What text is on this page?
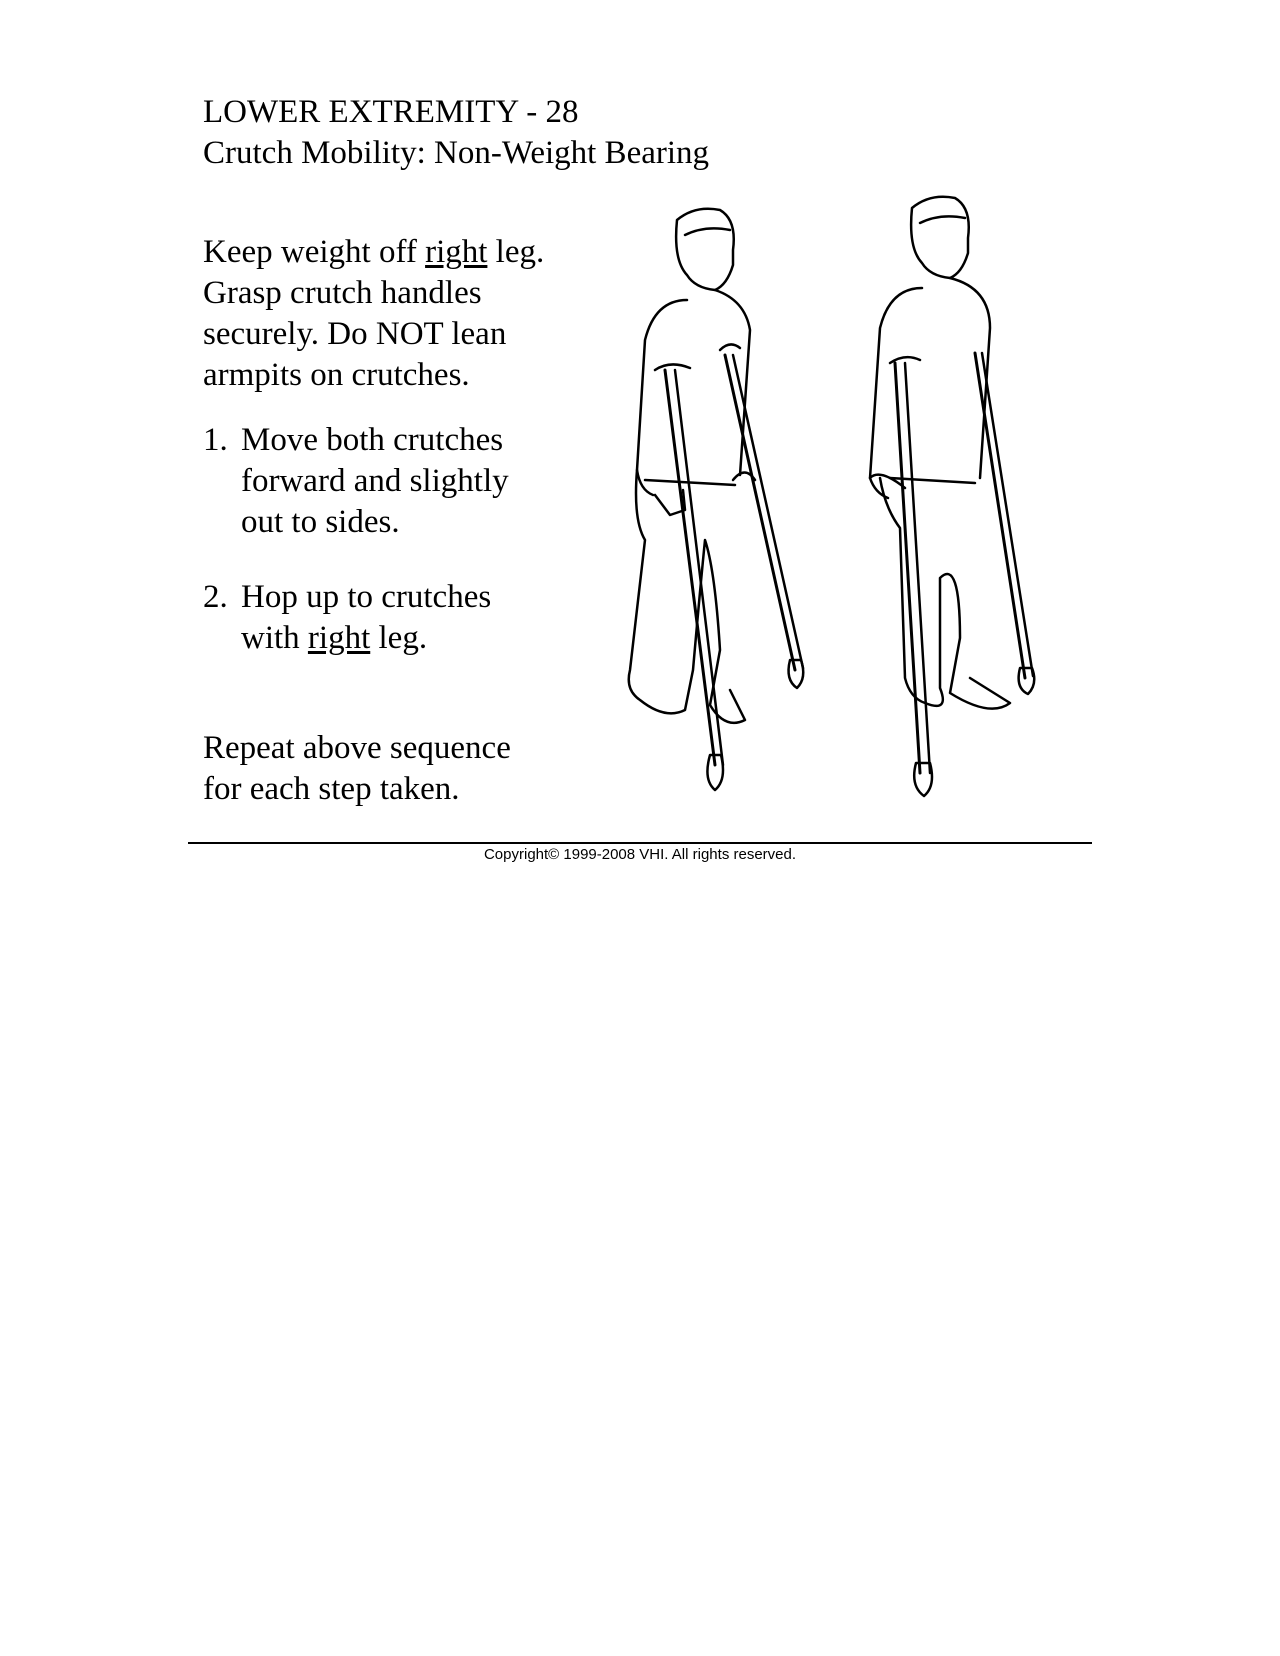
LOWER EXTREMITY - 28
Crutch Mobility: Non-Weight Bearing
Keep weight off right leg. Grasp crutch handles securely. Do NOT lean armpits on crutches.
1. Move both crutches forward and slightly out to sides.
2. Hop up to crutches with right leg.
Repeat above sequence for each step taken.
Copyright© 1999-2008 VHI. All rights reserved.
